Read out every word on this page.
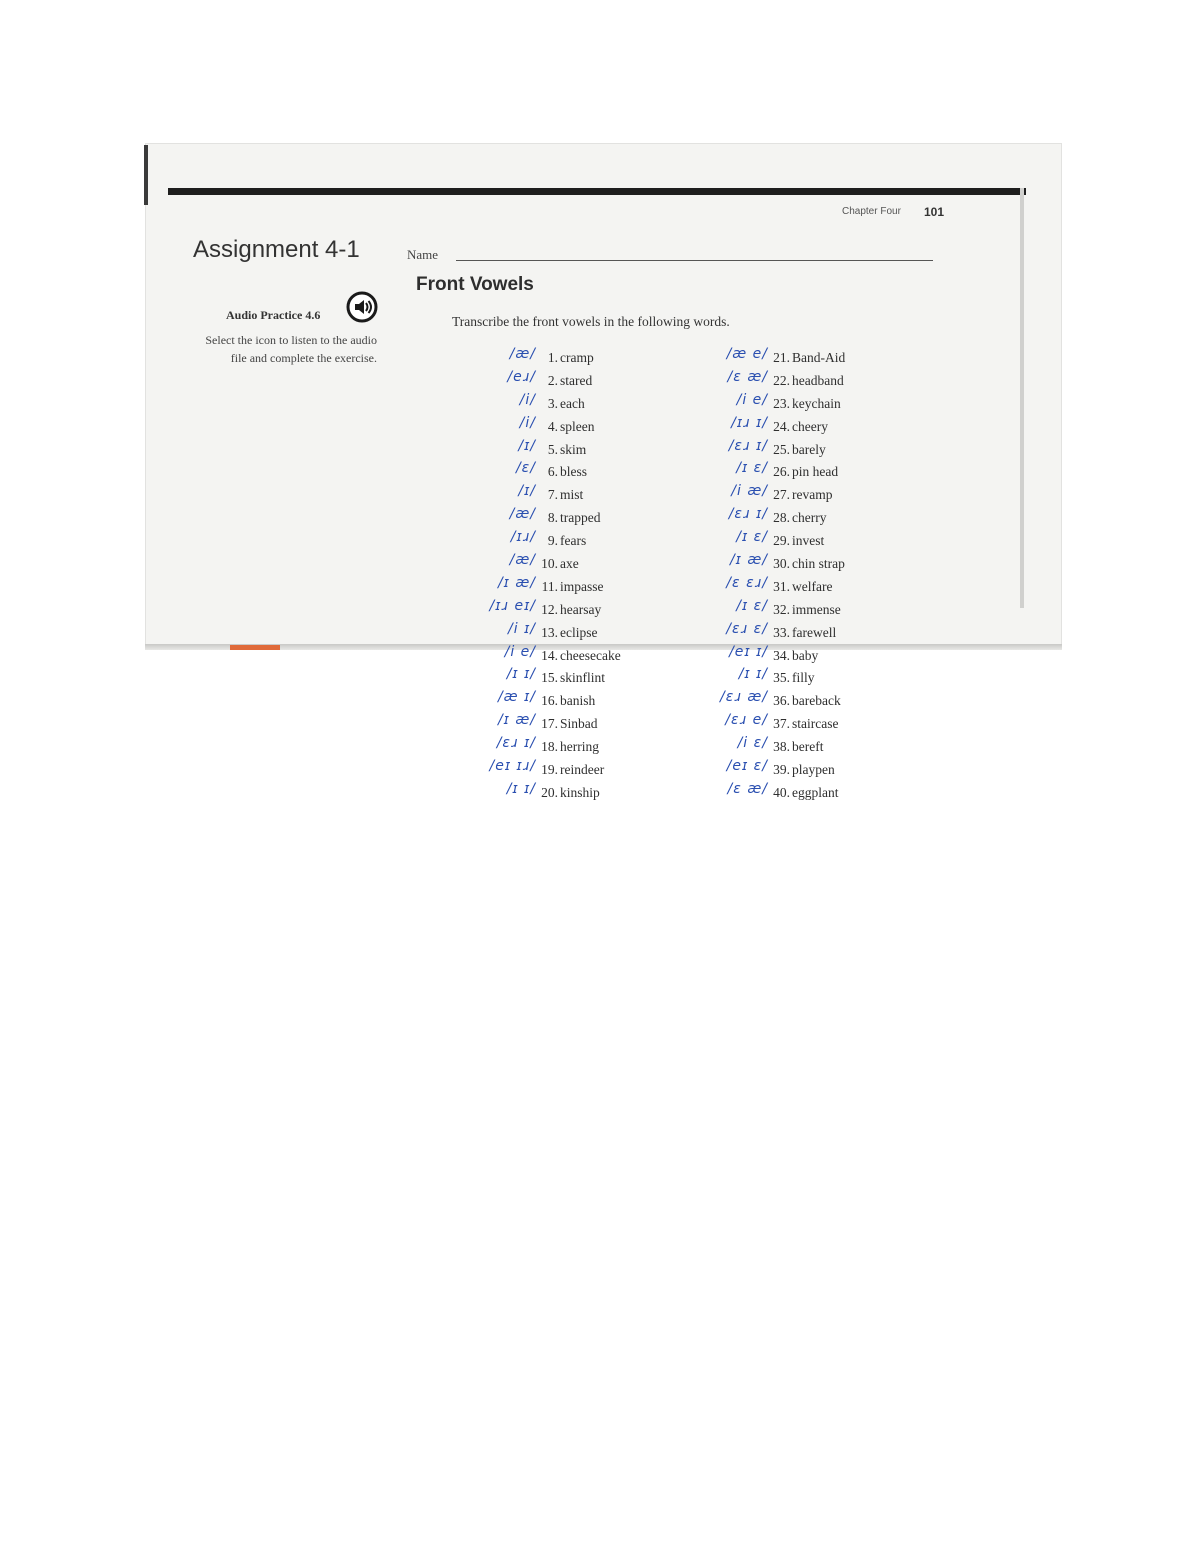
Chapter Four 101
Assignment 4-1	Name
Front Vowels
Audio Practice 4.6
Select the icon to listen to the audio file and complete the exercise.
Transcribe the front vowels in the following words.
/æ/ 1. cramp
/eɹ/ 2. stared
/i/ 3. each
/i/ 4. spleen
/ɪ/ 5. skim
/ɛ/ 6. bless
/ɪ/ 7. mist
/æ/ 8. trapped
/ɪɹ/ 9. fears
/æ/ 10. axe
/ɪ æ/ 11. impasse
/ɪɹ eɪ/ 12. hearsay
/i ɪ/ 13. eclipse
/i e/ 14. cheesecake
/ɪ ɪ/ 15. skinflint
/æ ɪ/ 16. banish
/ɪ æ/ 17. Sinbad
/ɛɹ ɪ/ 18. herring
/eɪ ɪɹ/ 19. reindeer
/ɪ ɪ/ 20. kinship
/æ e/ 21. Band-Aid
/ɛ æ/ 22. headband
/i e/ 23. keychain
/ɪɹ ɪ/ 24. cheery
/ɛɹ ɪ/ 25. barely
/ɪ ɛ/ 26. pin head
/i æ/ 27. revamp
/ɛɹ ɪ/ 28. cherry
/ɪ ɛ/ 29. invest
/ɪ æ/ 30. chin strap
/ɛ ɛɹ/ 31. welfare
/ɪ ɛ/ 32. immense
/ɛɹ ɛ/ 33. farewell
/eɪ ɪ/ 34. baby
/ɪ ɪ/ 35. filly
/ɛɹ æ/ 36. bareback
/ɛɹ e/ 37. staircase
/i ɛ/ 38. bereft
/eɪ ɛ/ 39. playpen
/ɛ æ/ 40. eggplant
